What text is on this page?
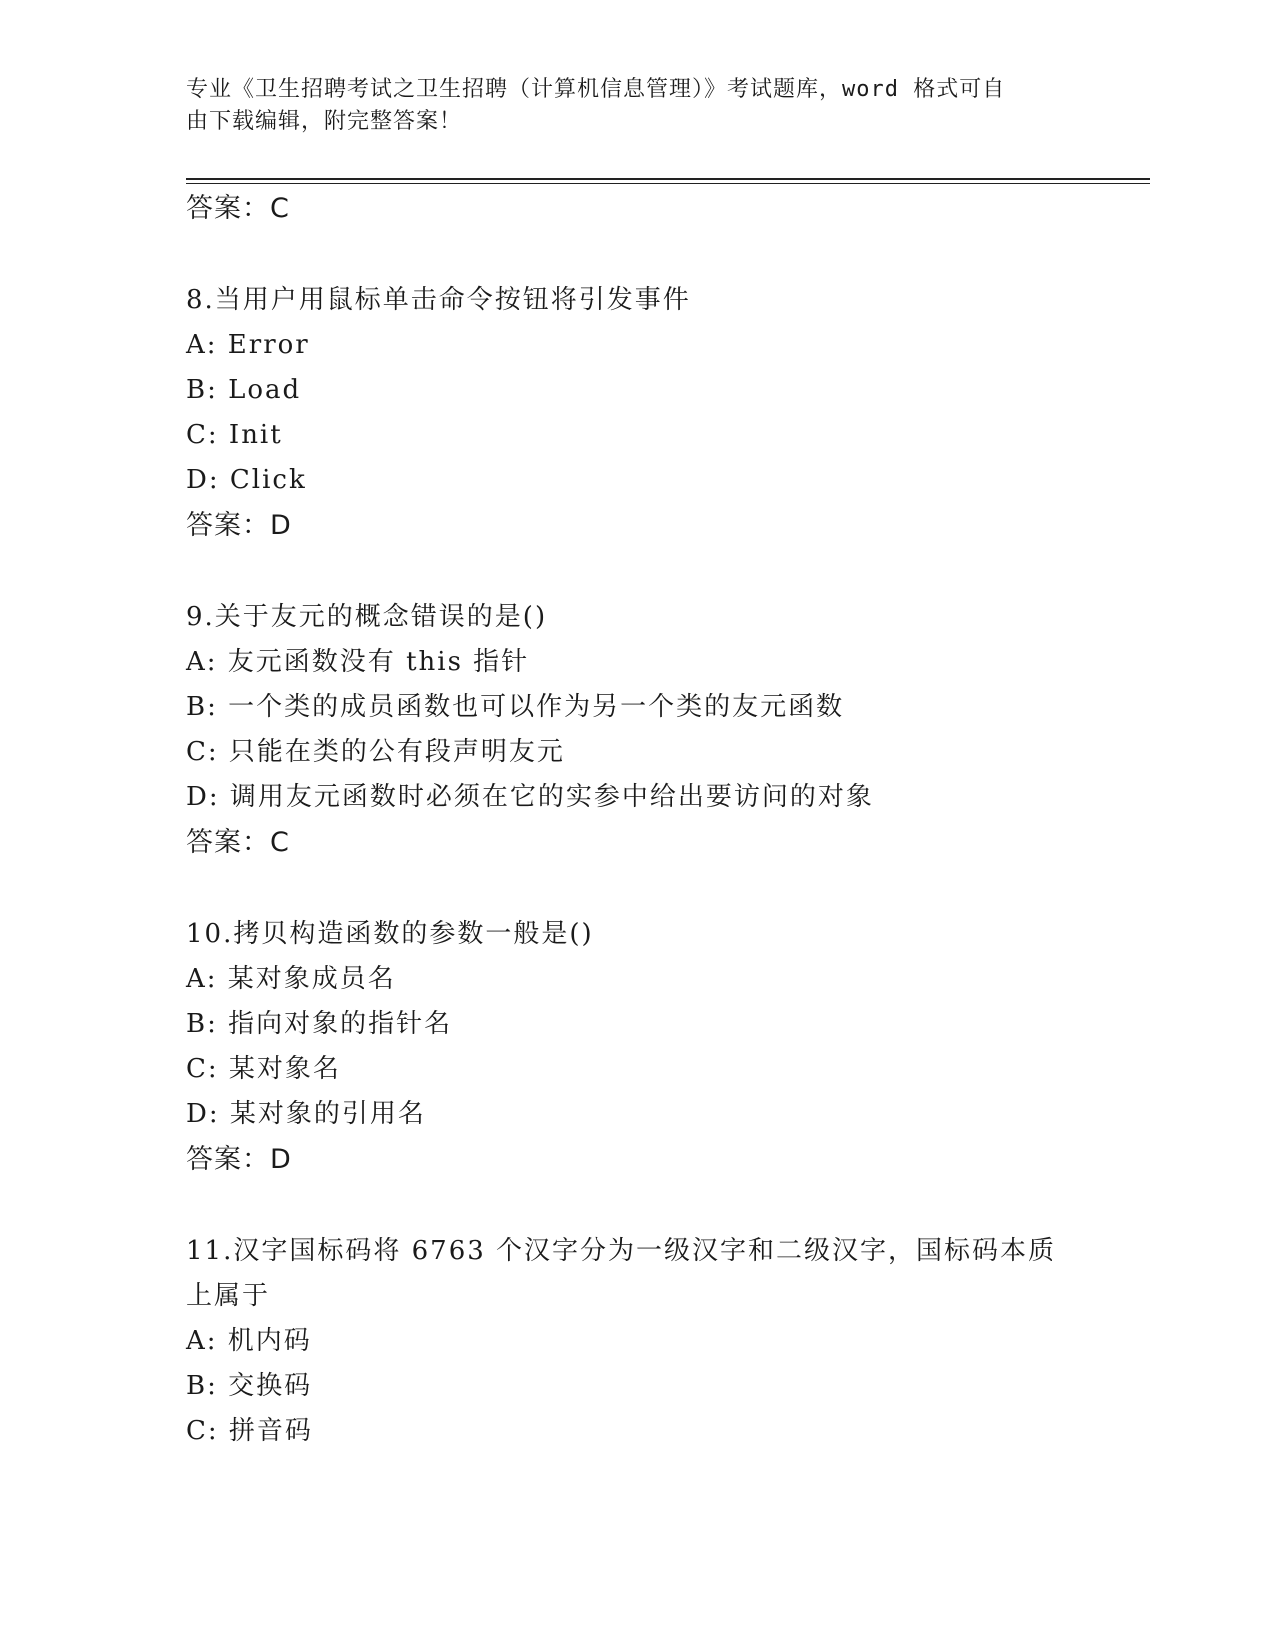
专业《卫生招聘考试之卫生招聘（计算机信息管理）》考试题库，word 格式可自
由下载编辑，附完整答案！
答案：C
8.当用户用鼠标单击命令按钮将引发事件
A: Error
B: Load
C: Init
D: Click
答案：D
9.关于友元的概念错误的是()
A: 友元函数没有 this 指针
B: 一个类的成员函数也可以作为另一个类的友元函数
C: 只能在类的公有段声明友元
D: 调用友元函数时必须在它的实参中给出要访问的对象
答案：C
10.拷贝构造函数的参数一般是()
A: 某对象成员名
B: 指向对象的指针名
C: 某对象名
D: 某对象的引用名
答案：D
11.汉字国标码将 6763 个汉字分为一级汉字和二级汉字，国标码本质
上属于
A: 机内码
B: 交换码
C: 拼音码
